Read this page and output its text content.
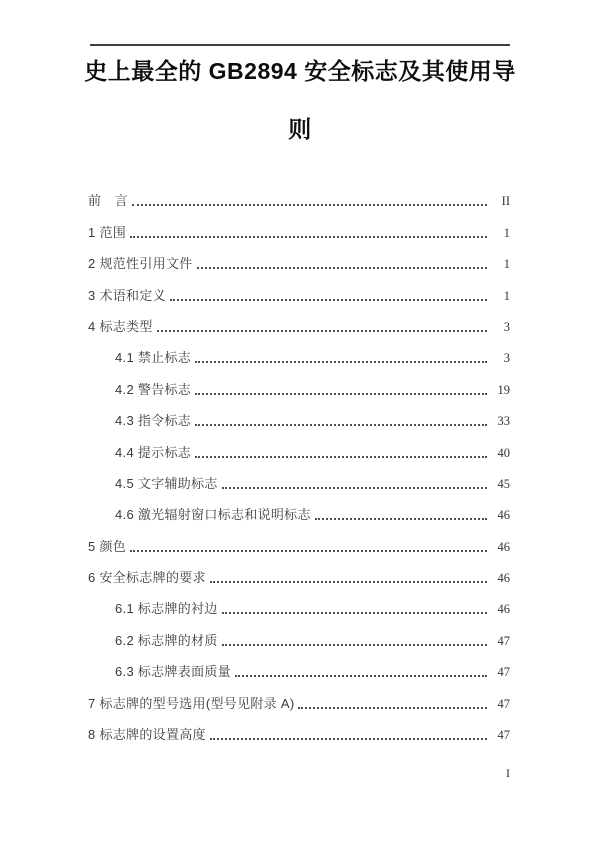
史上最全的 GB2894 安全标志及其使用导
则
前　言	II
1 范围	1
2 规范性引用文件	1
3 术语和定义	1
4 标志类型	3
4.1 禁止标志	3
4.2 警告标志	19
4.3 指令标志	33
4.4 提示标志	40
4.5 文字辅助标志	45
4.6 激光辐射窗口标志和说明标志	46
5 颜色	46
6 安全标志牌的要求	46
6.1 标志牌的衬边	46
6.2 标志牌的材质	47
6.3 标志牌表面质量	47
7 标志牌的型号选用(型号见附录 A)	47
8 标志牌的设置高度	47
I
